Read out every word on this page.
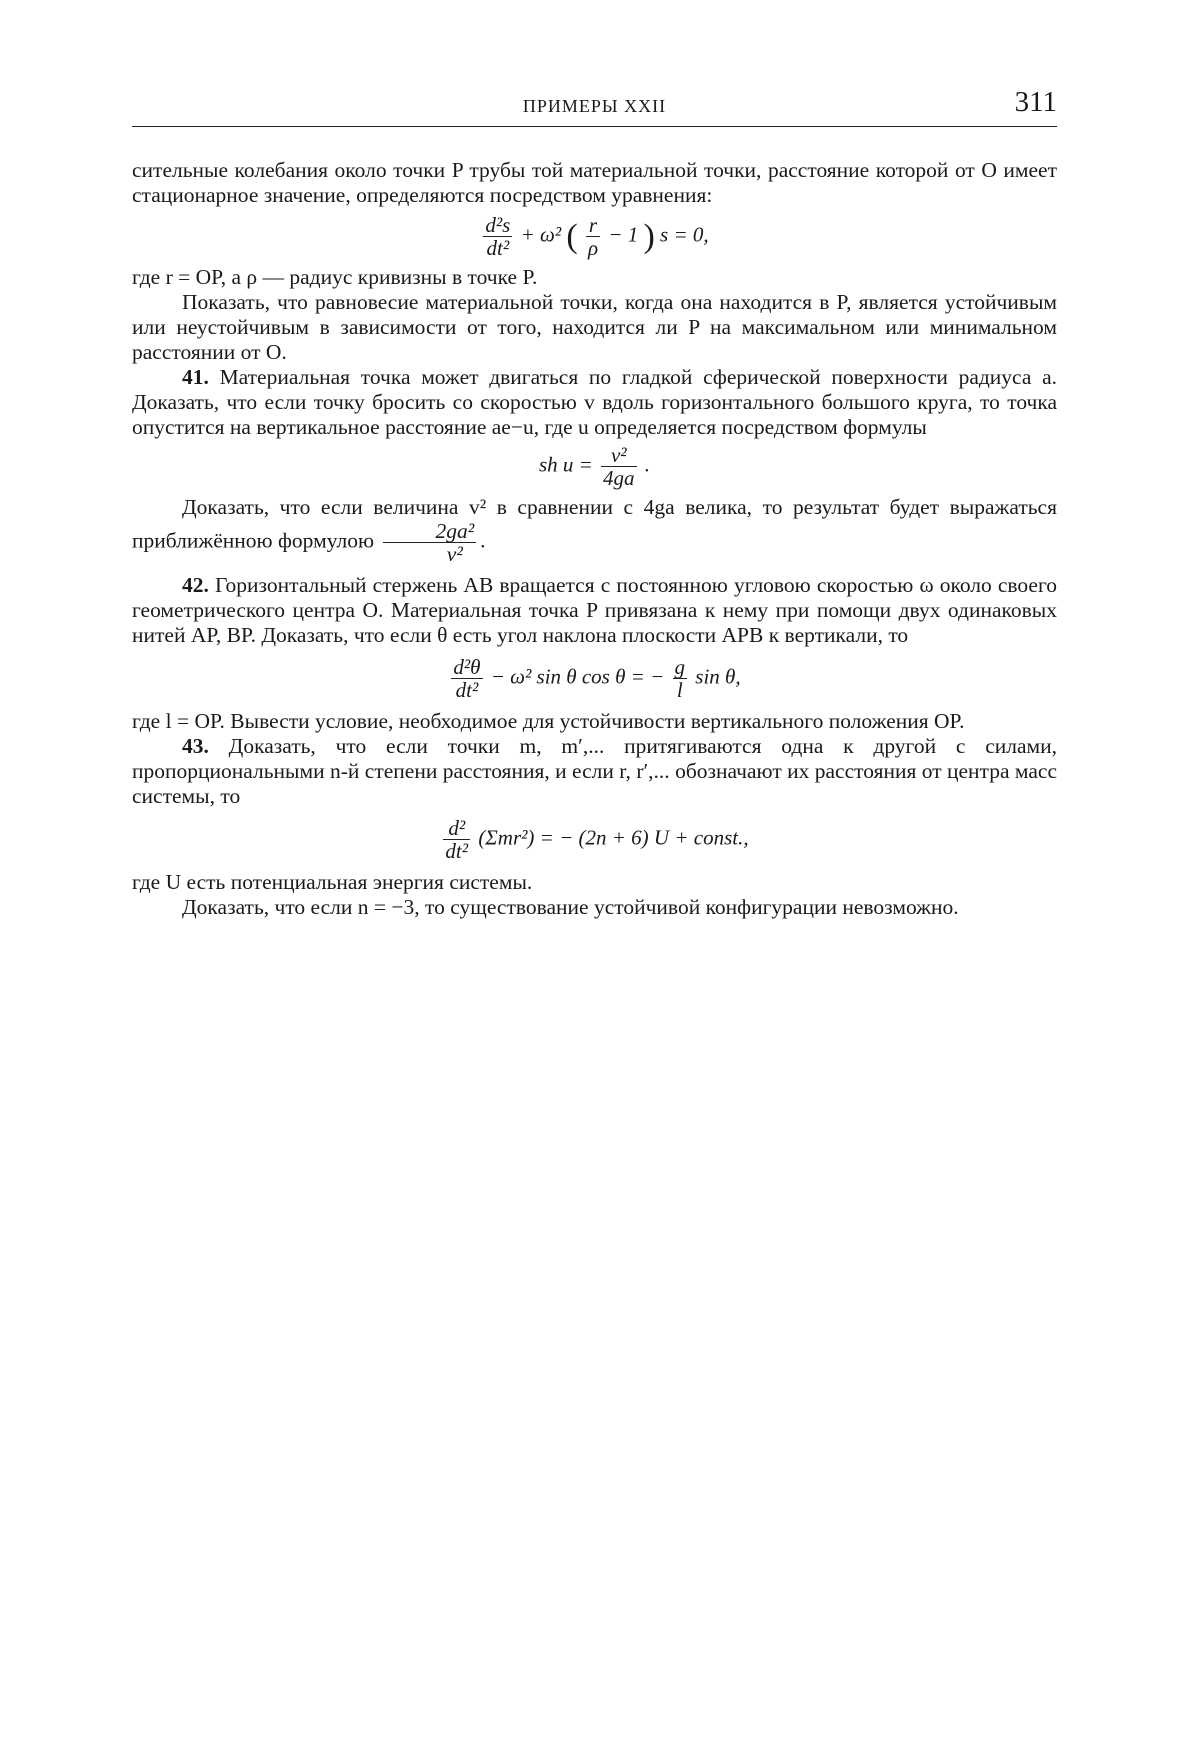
ПРИМЕРЫ XXII	311

сительные колебания около точки P трубы той материальной точки, расстояние которой от O имеет стационарное значение, определяются посредством уравнения:

$\frac{\text{d²s}}{\text{dt²}} + \omega^2$ ( $\frac{r}{\rho} - 1$ ) s = 0,

где r = OP, а ρ — радиус кривизны в точке P.

Показать, что равновесие материальной точки, когда она находится в P, является устойчивым или неустойчивым в зависимости от того, находится ли P на максимальном или минимальном расстоянии от O.

41. Материальная точка может двигаться по гладкой сферической поверхности радиуса a. Доказать, что если точку бросить со скоростью v вдоль горизонтального большого круга, то точка опустится на вертикальное расстояние ae−u, где u определяется посредством формулы

sh $u = \frac{\text{v²}}{4ga}$ .

Доказать, что если величина v² в сравнении с 4ga велика, то результат будет выражаться приближённою формулою $\frac{\text{2ga²}}{\text{v²}}$ .

42. Горизонтальный стержень AB вращается с постоянною угловою скоростью ω около своего геометрического центра O. Материальная точка P привязана к нему при помощи двух одинаковых нитей AP, BP. Доказать, что если θ есть угол наклона плоскости APB к вертикали, то

$\frac{\text{d²θ}}{\text{dt²}} - \omega^2$ sin θ cos θ = − $\frac{g}{l}$ sin θ,

где l = OP. Вывести условие, необходимое для устойчивости вертикального положения OP.

43. Доказать, что если точки m, m′,... притягиваются одна к другой с силами, пропорциональными n-й степени расстояния, и если r, r′,... обозначают их расстояния от центра масс системы, то

$\frac{\text{d²}}{\text{dt²}} (\Sigma mr^2)$ = − (2n + 6) U + const.,

где U есть потенциальная энергия системы.

Доказать, что если n = −3, то существование устойчивой конфигурации невозможно.
